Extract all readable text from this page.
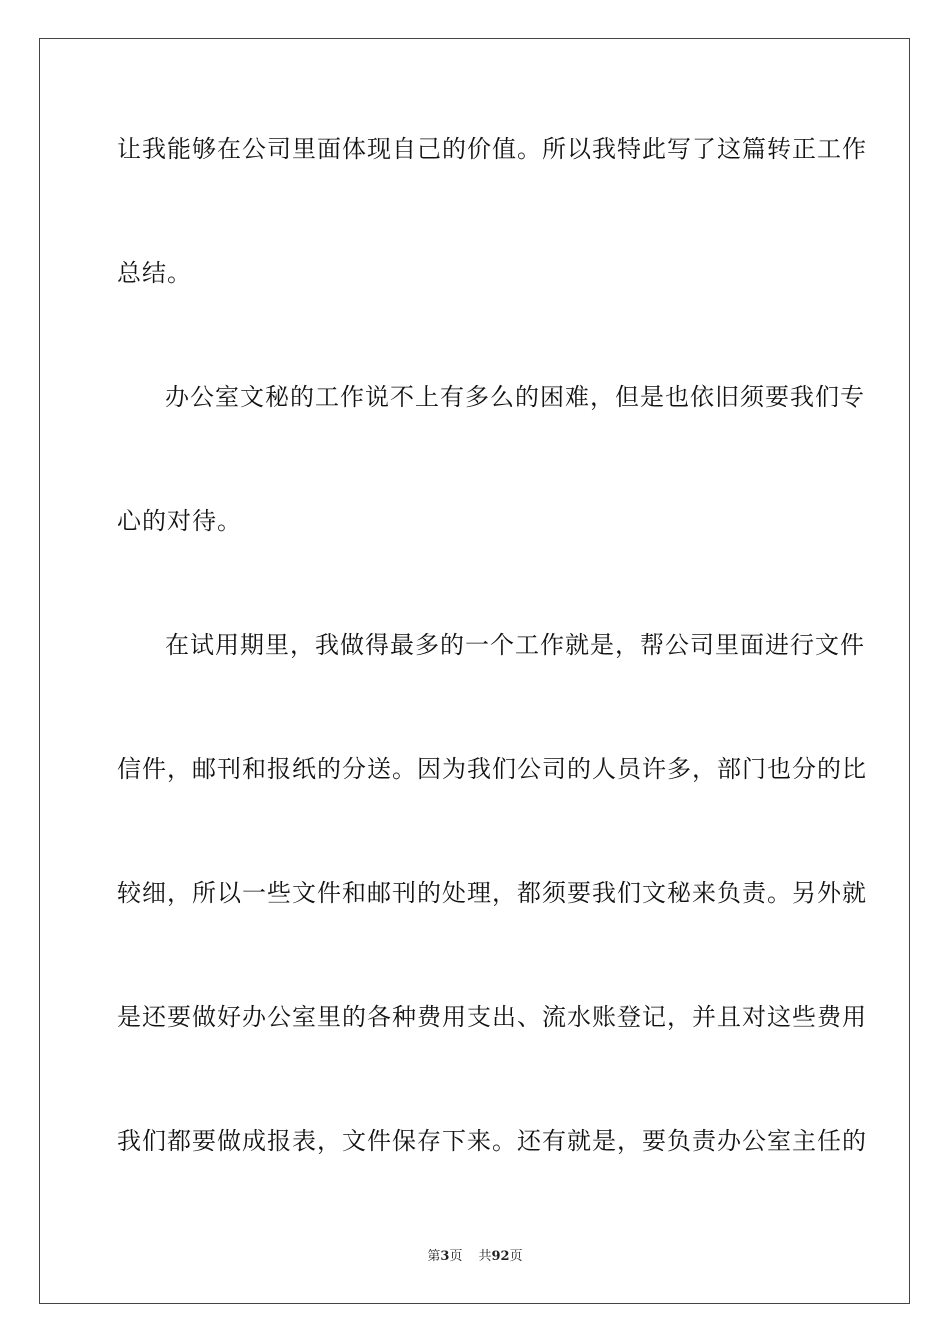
让我能够在公司里面体现自己的价值。所以我特此写了这篇转正工作
总结。
办公室文秘的工作说不上有多么的困难，但是也依旧须要我们专
心的对待。
在试用期里，我做得最多的一个工作就是，帮公司里面进行文件
信件，邮刊和报纸的分送。因为我们公司的人员许多，部门也分的比
较细，所以一些文件和邮刊的处理，都须要我们文秘来负责。另外就
是还要做好办公室里的各种费用支出、流水账登记，并且对这些费用
我们都要做成报表，文件保存下来。还有就是，要负责办公室主任的
第3页 共92页
